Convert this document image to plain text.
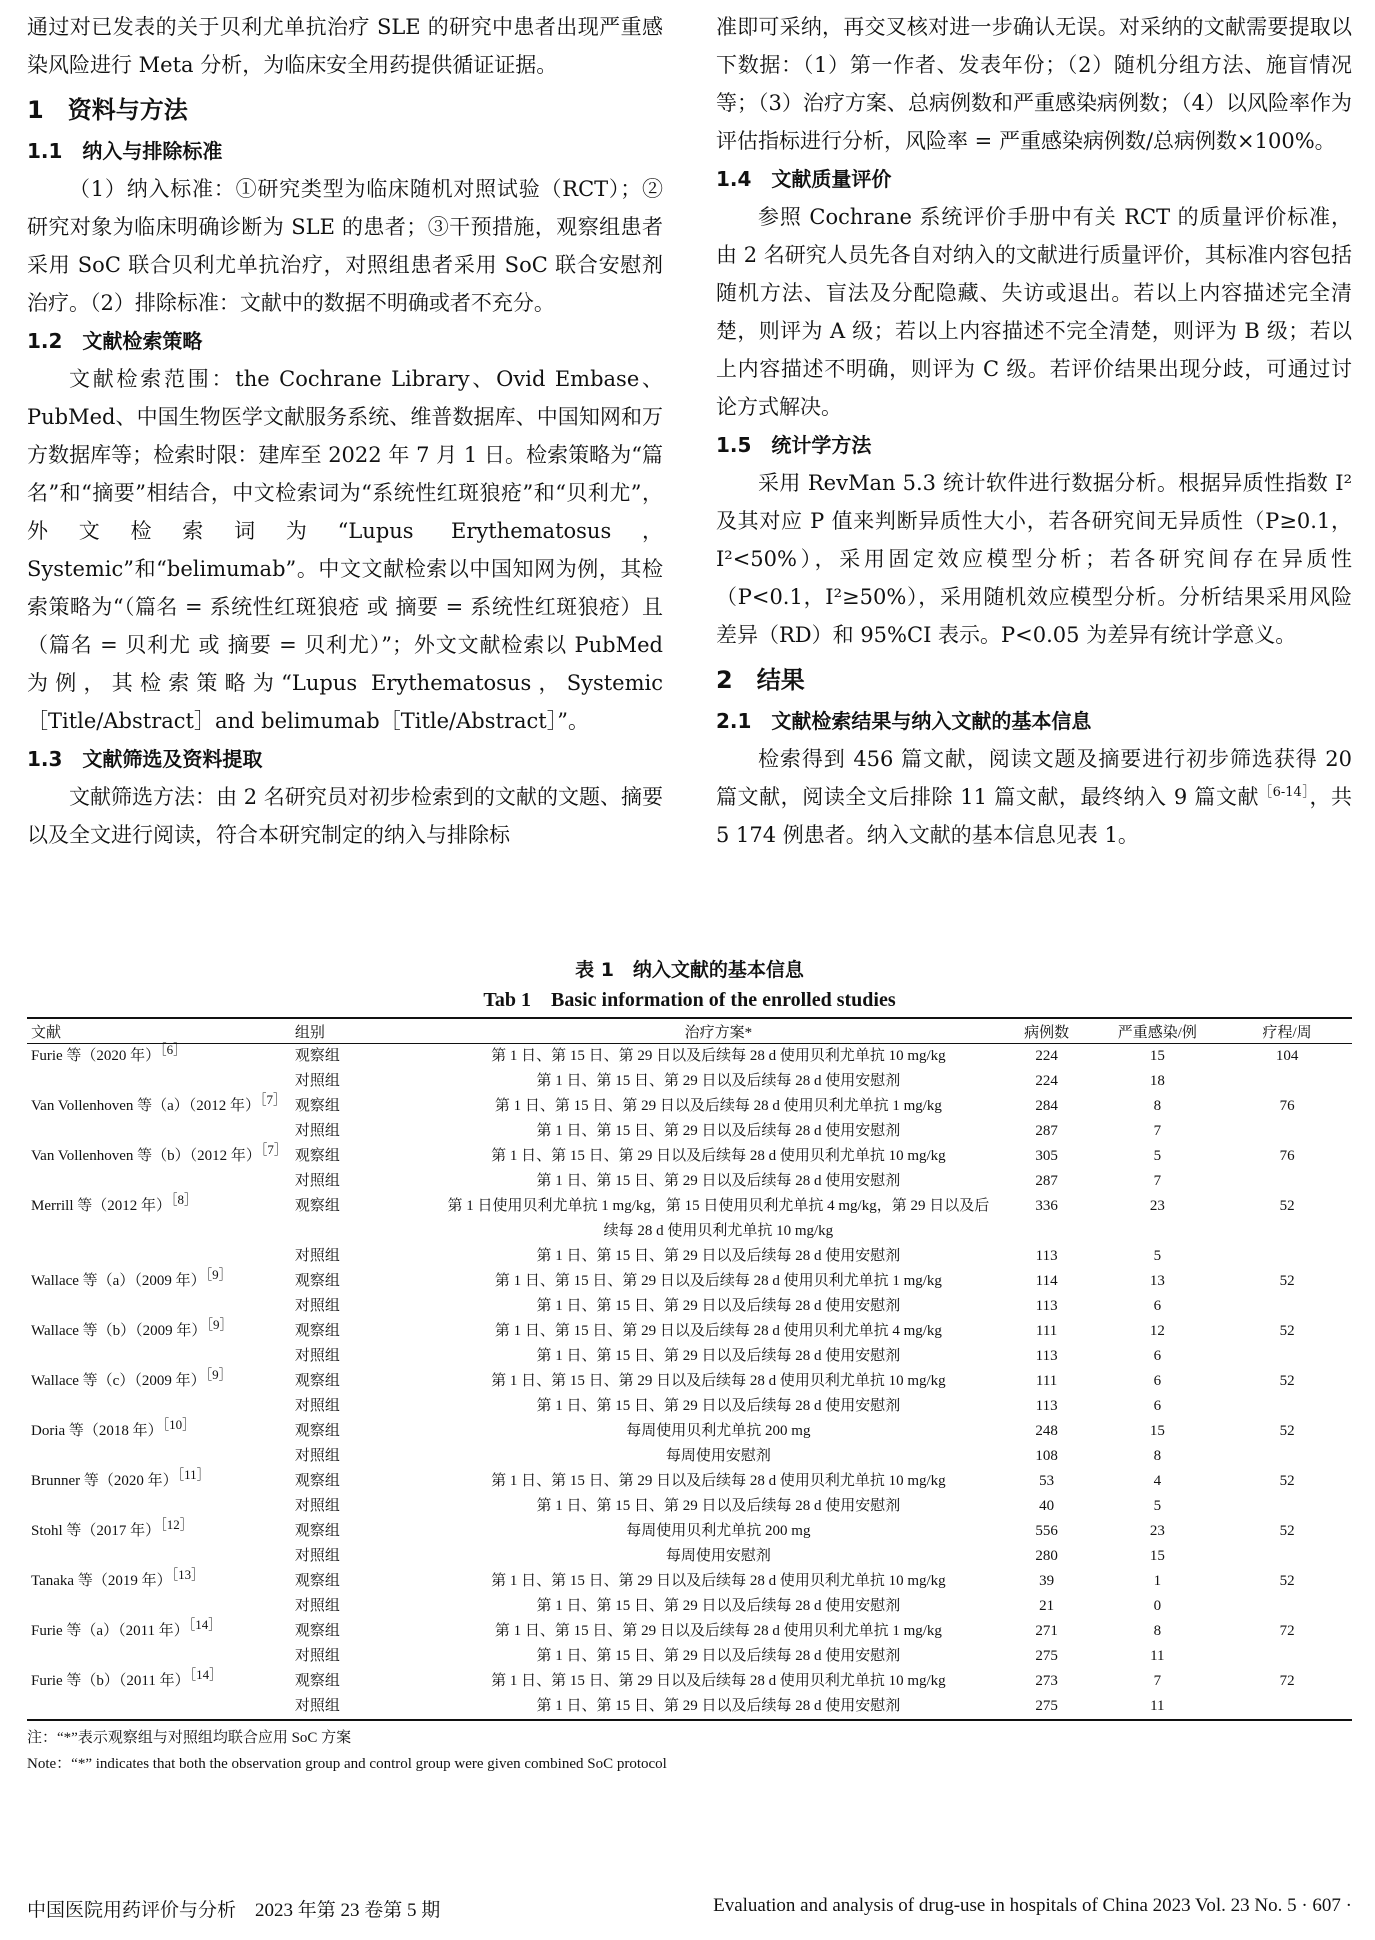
通过对已发表的关于贝利尤单抗治疗 SLE 的研究中患者出现严重感染风险进行 Meta 分析，为临床安全用药提供循证证据。

1　资料与方法
1.1　纳入与排除标准

（1）纳入标准：①研究类型为临床随机对照试验（RCT）；②研究对象为临床明确诊断为 SLE 的患者；③干预措施，观察组患者采用 SoC 联合贝利尤单抗治疗，对照组患者采用 SoC 联合安慰剂治疗。（2）排除标准：文献中的数据不明确或者不充分。

1.2　文献检索策略

文献检索范围：the Cochrane Library、Ovid Embase、PubMed、中国生物医学文献服务系统、维普数据库、中国知网和万方数据库等；检索时限：建库至 2022 年 7 月 1 日。检索策略为“篇名”和“摘要”相结合，中文检索词为“系统性红斑狼疮”和“贝利尤”，外文检索词为“Lupus Erythematosus，Systemic”和“belimumab”。中文文献检索以中国知网为例，其检索策略为“（篇名 = 系统性红斑狼疮 或 摘要 = 系统性红斑狼疮）且（篇名 = 贝利尤 或 摘要 = 贝利尤）”；外文文献检索以 PubMed 为例，其检索策略为“Lupus Erythematosus，Systemic［Title/Abstract］and belimumab［Title/Abstract］”。

1.3　文献筛选及资料提取

文献筛选方法：由 2 名研究员对初步检索到的文献的文题、摘要以及全文进行阅读，符合本研究制定的纳入与排除标

准即可采纳，再交叉核对进一步确认无误。对采纳的文献需要提取以下数据：（1）第一作者、发表年份；（2）随机分组方法、施盲情况等；（3）治疗方案、总病例数和严重感染病例数；（4）以风险率作为评估指标进行分析，风险率 = 严重感染病例数/总病例数×100%。

1.4　文献质量评价

参照 Cochrane 系统评价手册中有关 RCT 的质量评价标准，由 2 名研究人员先各自对纳入的文献进行质量评价，其标准内容包括随机方法、盲法及分配隐藏、失访或退出。若以上内容描述完全清楚，则评为 A 级；若以上内容描述不完全清楚，则评为 B 级；若以上内容描述不明确，则评为 C 级。若评价结果出现分歧，可通过讨论方式解决。

1.5　统计学方法

采用 RevMan 5.3 统计软件进行数据分析。根据异质性指数 I² 及其对应 P 值来判断异质性大小，若各研究间无异质性（P≥0.1，I²<50%），采用固定效应模型分析；若各研究间存在异质性（P<0.1，I²≥50%），采用随机效应模型分析。分析结果采用风险差异（RD）和 95%CI 表示。P<0.05 为差异有统计学意义。

2　结果
2.1　文献检索结果与纳入文献的基本信息

检索得到 456 篇文献，阅读文题及摘要进行初步筛选获得 20 篇文献，阅读全文后排除 11 篇文献，最终纳入 9 篇文献$^{[6-14]}$，共 5 174 例患者。纳入文献的基本信息见表 1。

表 1　纳入文献的基本信息
Tab 1　Basic information of the enrolled studies
文献	组别	治疗方案*	病例数	严重感染/例	疗程/周
Furie 等（2020 年）$^{[6]}$	观察组	第 1 日、第 15 日、第 29 日以及后续每 28 d 使用贝利尤单抗 10 mg/kg	224	15	104
	对照组	第 1 日、第 15 日、第 29 日以及后续每 28 d 使用安慰剂	224	18	
Van Vollenhoven 等（a）（2012 年）$^{[7]}$	观察组	第 1 日、第 15 日、第 29 日以及后续每 28 d 使用贝利尤单抗 1 mg/kg	284	8	76
	对照组	第 1 日、第 15 日、第 29 日以及后续每 28 d 使用安慰剂	287	7	
Van Vollenhoven 等（b）（2012 年）$^{[7]}$	观察组	第 1 日、第 15 日、第 29 日以及后续每 28 d 使用贝利尤单抗 10 mg/kg	305	5	76
	对照组	第 1 日、第 15 日、第 29 日以及后续每 28 d 使用安慰剂	287	7	
Merrill 等（2012 年）$^{[8]}$	观察组	第 1 日使用贝利尤单抗 1 mg/kg，第 15 日使用贝利尤单抗 4 mg/kg，第 29 日以及后续每 28 d 使用贝利尤单抗 10 mg/kg	336	23	52
	对照组	第 1 日、第 15 日、第 29 日以及后续每 28 d 使用安慰剂	113	5	
Wallace 等（a）（2009 年）$^{[9]}$	观察组	第 1 日、第 15 日、第 29 日以及后续每 28 d 使用贝利尤单抗 1 mg/kg	114	13	52
	对照组	第 1 日、第 15 日、第 29 日以及后续每 28 d 使用安慰剂	113	6	
Wallace 等（b）（2009 年）$^{[9]}$	观察组	第 1 日、第 15 日、第 29 日以及后续每 28 d 使用贝利尤单抗 4 mg/kg	111	12	52
	对照组	第 1 日、第 15 日、第 29 日以及后续每 28 d 使用安慰剂	113	6	
Wallace 等（c）（2009 年）$^{[9]}$	观察组	第 1 日、第 15 日、第 29 日以及后续每 28 d 使用贝利尤单抗 10 mg/kg	111	6	52
	对照组	第 1 日、第 15 日、第 29 日以及后续每 28 d 使用安慰剂	113	6	
Doria 等（2018 年）$^{[10]}$	观察组	每周使用贝利尤单抗 200 mg	248	15	52
	对照组	每周使用安慰剂	108	8	
Brunner 等（2020 年）$^{[11]}$	观察组	第 1 日、第 15 日、第 29 日以及后续每 28 d 使用贝利尤单抗 10 mg/kg	53	4	52
	对照组	第 1 日、第 15 日、第 29 日以及后续每 28 d 使用安慰剂	40	5	
Stohl 等（2017 年）$^{[12]}$	观察组	每周使用贝利尤单抗 200 mg	556	23	52
	对照组	每周使用安慰剂	280	15	
Tanaka 等（2019 年）$^{[13]}$	观察组	第 1 日、第 15 日、第 29 日以及后续每 28 d 使用贝利尤单抗 10 mg/kg	39	1	52
	对照组	第 1 日、第 15 日、第 29 日以及后续每 28 d 使用安慰剂	21	0	
Furie 等（a）（2011 年）$^{[14]}$	观察组	第 1 日、第 15 日、第 29 日以及后续每 28 d 使用贝利尤单抗 1 mg/kg	271	8	72
	对照组	第 1 日、第 15 日、第 29 日以及后续每 28 d 使用安慰剂	275	11	
Furie 等（b）（2011 年）$^{[14]}$	观察组	第 1 日、第 15 日、第 29 日以及后续每 28 d 使用贝利尤单抗 10 mg/kg	273	7	72
	对照组	第 1 日、第 15 日、第 29 日以及后续每 28 d 使用安慰剂	275	11	
注：“*”表示观察组与对照组均联合应用 SoC 方案
Note：“*” indicates that both the observation group and control group were given combined SoC protocol
中国医院用药评价与分析　2023 年第 23 卷第 5 期	Evaluation and analysis of drug-use in hospitals of China 2023 Vol. 23 No. 5 · 607 ·
